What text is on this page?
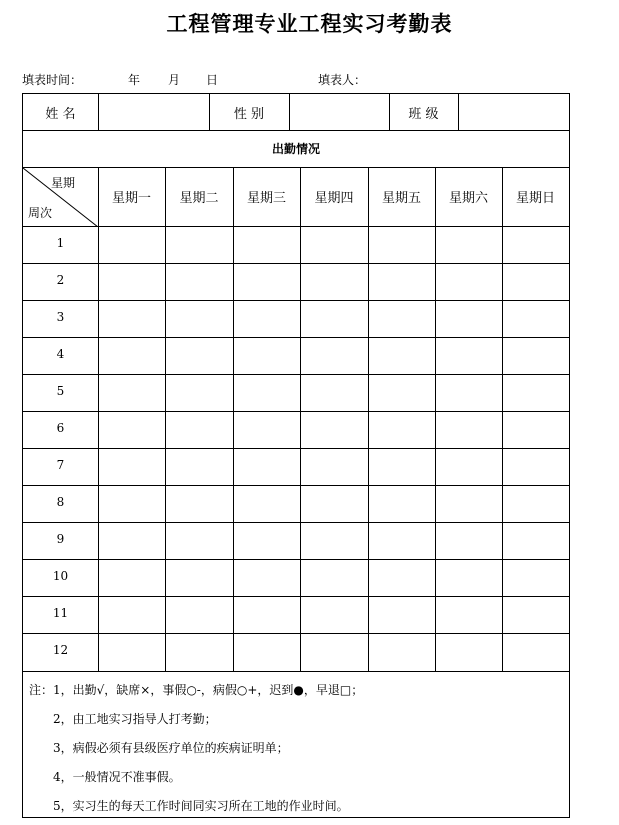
工程管理专业工程实习考勤表
填表时间：	年 月 日	填表人：
姓 名	性 别	班 级
出勤情况
星期
周次
星期一	星期二	星期三	星期四	星期五	星期六	星期日
1
2
3
4
5
6
7
8
9
10
11
12
注：1，出勤√，缺席×，事假○-，病假○+，迟到●，早退□；
2，由工地实习指导人打考勤；
3，病假必须有县级医疗单位的疾病证明单；
4，一般情况不准事假。
5，实习生的每天工作时间同实习所在工地的作业时间。
